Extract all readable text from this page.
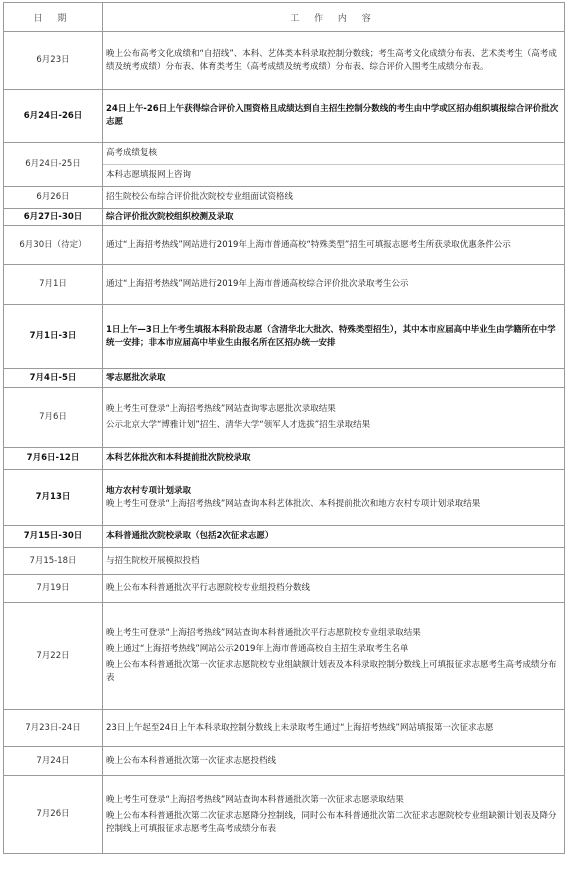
日 期	工 作 内 容
6月23日	晚上公布高考文化成绩和“自招线”、本科、艺体类本科录取控制分数线；考生高考文化成绩分布表、艺术类考生（高考成绩及统考成绩）分布表、体育类考生（高考成绩及统考成绩）分布表、综合评价入围考生成绩分布表。

6月24日-26日	24日上午-26日上午获得综合评价入围资格且成绩达到自主招生控制分数线的考生由中学或区招办组织填报综合评价批次志愿

6月24日-25日	高考成绩复核
本科志愿填报网上咨询

6月26日	招生院校公布综合评价批次院校专业组面试资格线

6月27日-30日	综合评价批次院校组织校测及录取

6月30日（待定）	通过“上海招考热线”网站进行2019年上海市普通高校“特殊类型”招生可填报志愿考生所获录取优惠条件公示

7月1日	通过“上海招考热线”网站进行2019年上海市普通高校综合评价批次录取考生公示

7月1日-3日	1日上午—3日上午考生填报本科阶段志愿（含清华北大批次、特殊类型招生），其中本市应届高中毕业生由学籍所在中学统一安排；非本市应届高中毕业生由报名所在区招办统一安排

7月4日-5日	零志愿批次录取

7月6日	晚上考生可登录“上海招考热线”网站查询零志愿批次录取结果
公示北京大学“博雅计划”招生、清华大学“领军人才选拔”招生录取结果

7月6日-12日	本科艺体批次和本科提前批次院校录取

7月13日	地方农村专项计划录取
晚上考生可登录“上海招考热线”网站查询本科艺体批次、本科提前批次和地方农村专项计划录取结果

7月15日-30日	本科普通批次院校录取（包括2次征求志愿）

7月15-18日	与招生院校开展模拟投档

7月19日	晚上公布本科普通批次平行志愿院校专业组投档分数线

7月22日	晚上考生可登录“上海招考热线”网站查询本科普通批次平行志愿院校专业组录取结果
晚上通过“上海招考热线”网站公示2019年上海市普通高校自主招生录取考生名单
晚上公布本科普通批次第一次征求志愿院校专业组缺额计划表及本科录取控制分数线上可填报征求志愿考生高考成绩分布表

7月23日-24日	23日上午起至24日上午本科录取控制分数线上未录取考生通过“上海招考热线”网站填报第一次征求志愿

7月24日	晚上公布本科普通批次第一次征求志愿投档线

7月26日	晚上考生可登录“上海招考热线”网站查询本科普通批次第一次征求志愿录取结果
晚上公布本科普通批次第二次征求志愿降分控制线，同时公布本科普通批次第二次征求志愿院校专业组缺额计划表及降分控制线上可填报征求志愿考生高考成绩分布表
